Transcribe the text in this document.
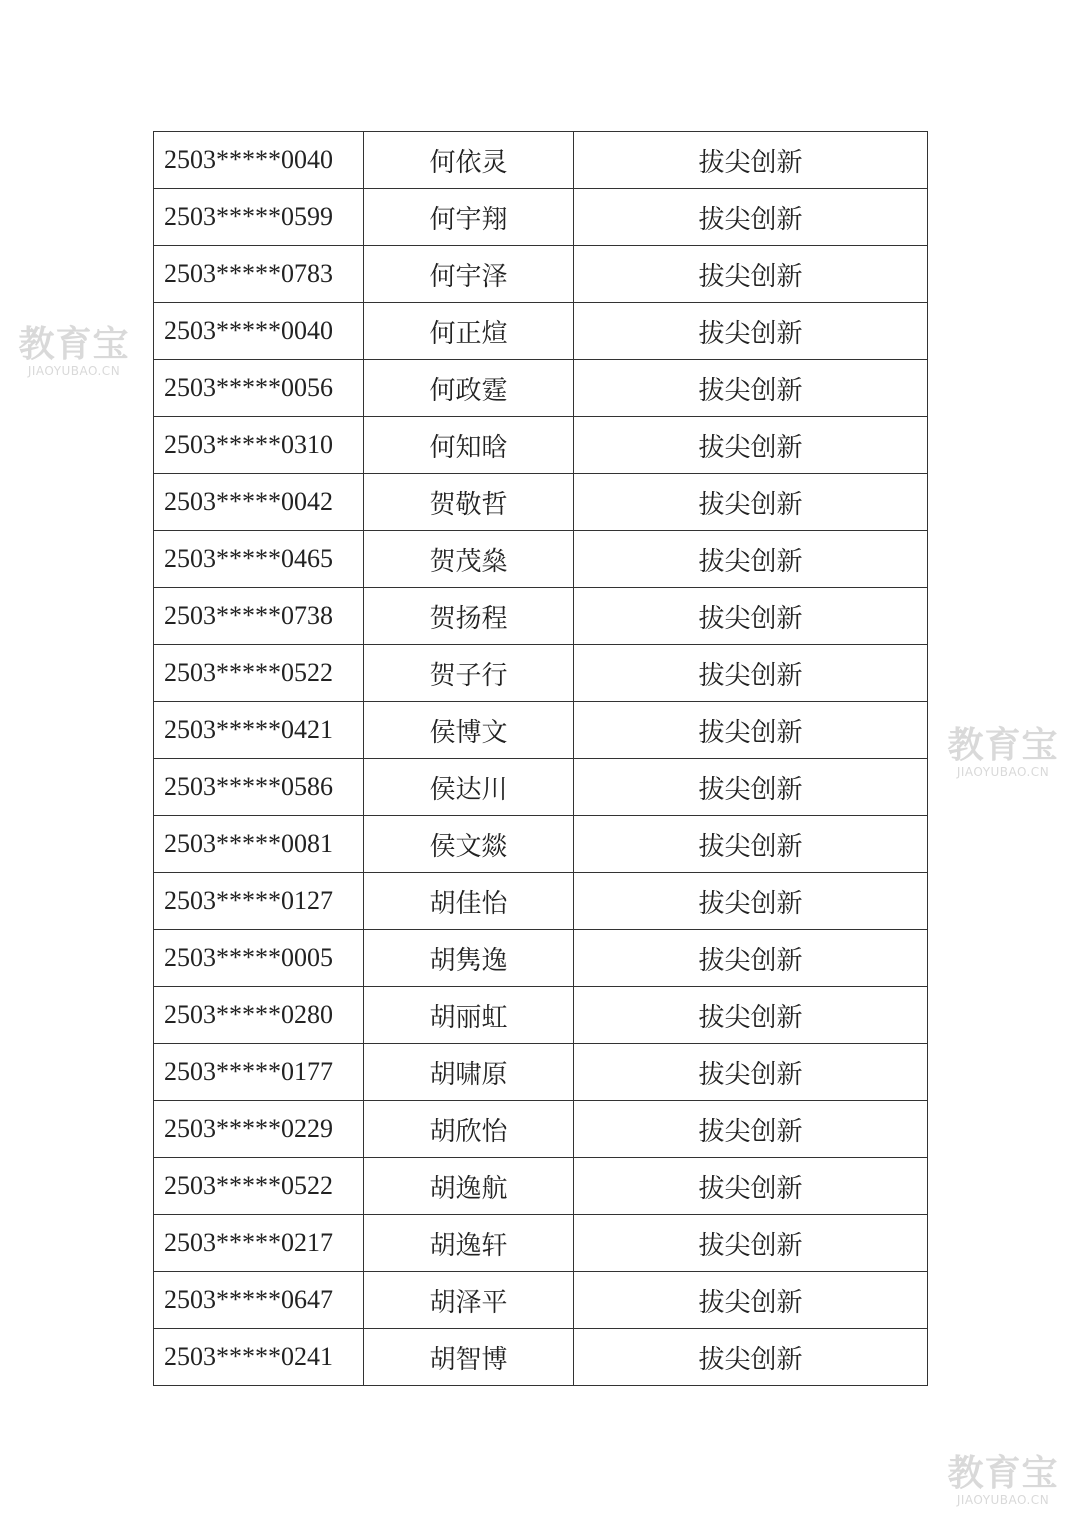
2503*****0040	何依灵	拔尖创新
2503*****0599	何宇翔	拔尖创新
2503*****0783	何宇泽	拔尖创新
2503*****0040	何正煊	拔尖创新
2503*****0056	何政霆	拔尖创新
2503*****0310	何知晗	拔尖创新
2503*****0042	贺敬哲	拔尖创新
2503*****0465	贺茂燊	拔尖创新
2503*****0738	贺扬程	拔尖创新
2503*****0522	贺子行	拔尖创新
2503*****0421	侯博文	拔尖创新
2503*****0586	侯达川	拔尖创新
2503*****0081	侯文燚	拔尖创新
2503*****0127	胡佳怡	拔尖创新
2503*****0005	胡隽逸	拔尖创新
2503*****0280	胡丽虹	拔尖创新
2503*****0177	胡啸原	拔尖创新
2503*****0229	胡欣怡	拔尖创新
2503*****0522	胡逸航	拔尖创新
2503*****0217	胡逸轩	拔尖创新
2503*****0647	胡泽平	拔尖创新
2503*****0241	胡智博	拔尖创新
教育宝
JIAOYUBAO.CN
教育宝
JIAOYUBAO.CN
教育宝
JIAOYUBAO.CN
